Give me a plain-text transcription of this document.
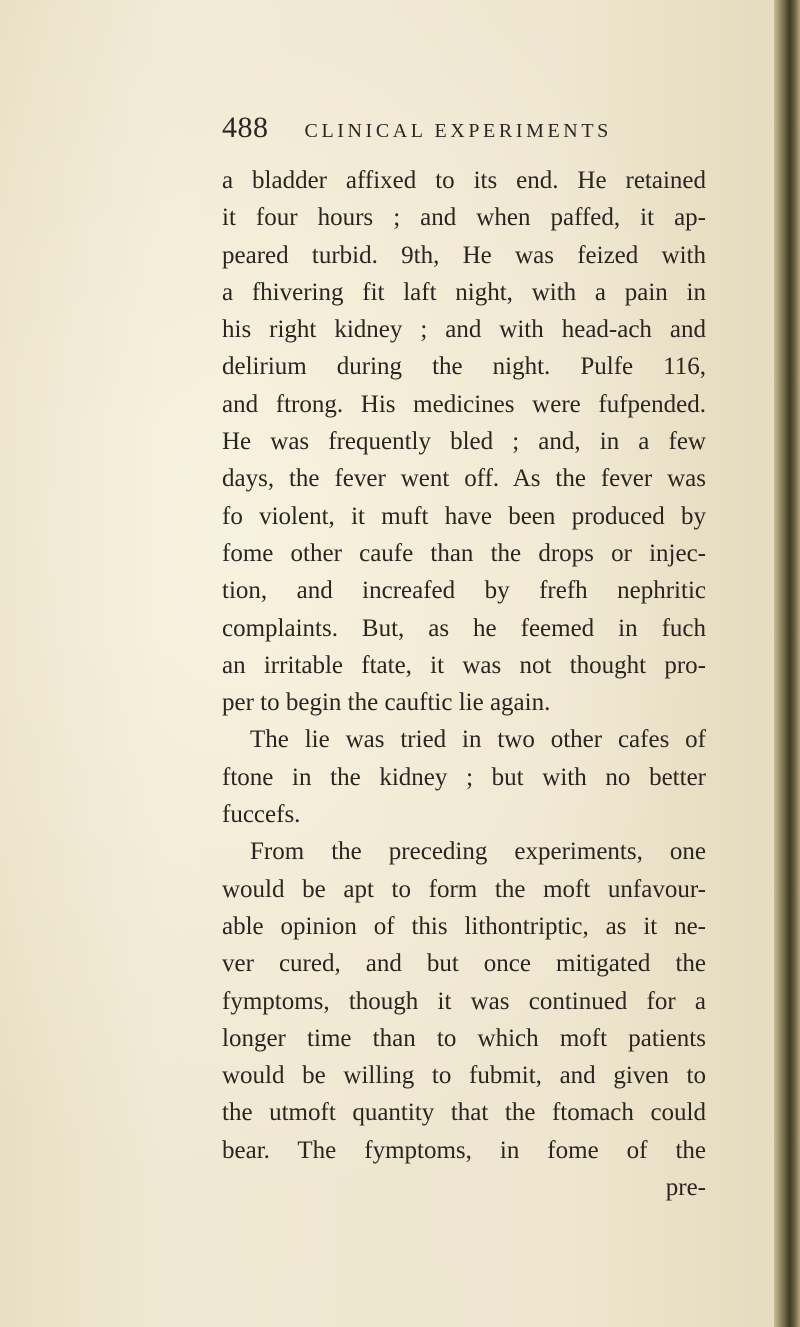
488 CLINICAL EXPERIMENTS
a bladder affixed to its end. He retained
it four hours ; and when paffed, it ap-
peared turbid. 9th, He was feized with
a fhivering fit laft night, with a pain in
his right kidney ; and with head-ach and
delirium during the night. Pulfe 116,
and ftrong. His medicines were fufpended.
He was frequently bled ; and, in a few
days, the fever went off. As the fever was
fo violent, it muft have been produced by
fome other caufe than the drops or injec-
tion, and increafed by frefh nephritic
complaints. But, as he feemed in fuch
an irritable ftate, it was not thought pro-
per to begin the cauftic lie again.
The lie was tried in two other cafes of
ftone in the kidney ; but with no better
fuccefs.
From the preceding experiments, one
would be apt to form the moft unfavour-
able opinion of this lithontriptic, as it ne-
ver cured, and but once mitigated the
fymptoms, though it was continued for a
longer time than to which moft patients
would be willing to fubmit, and given to
the utmoft quantity that the ftomach could
bear. The fymptoms, in fome of the
pre-
